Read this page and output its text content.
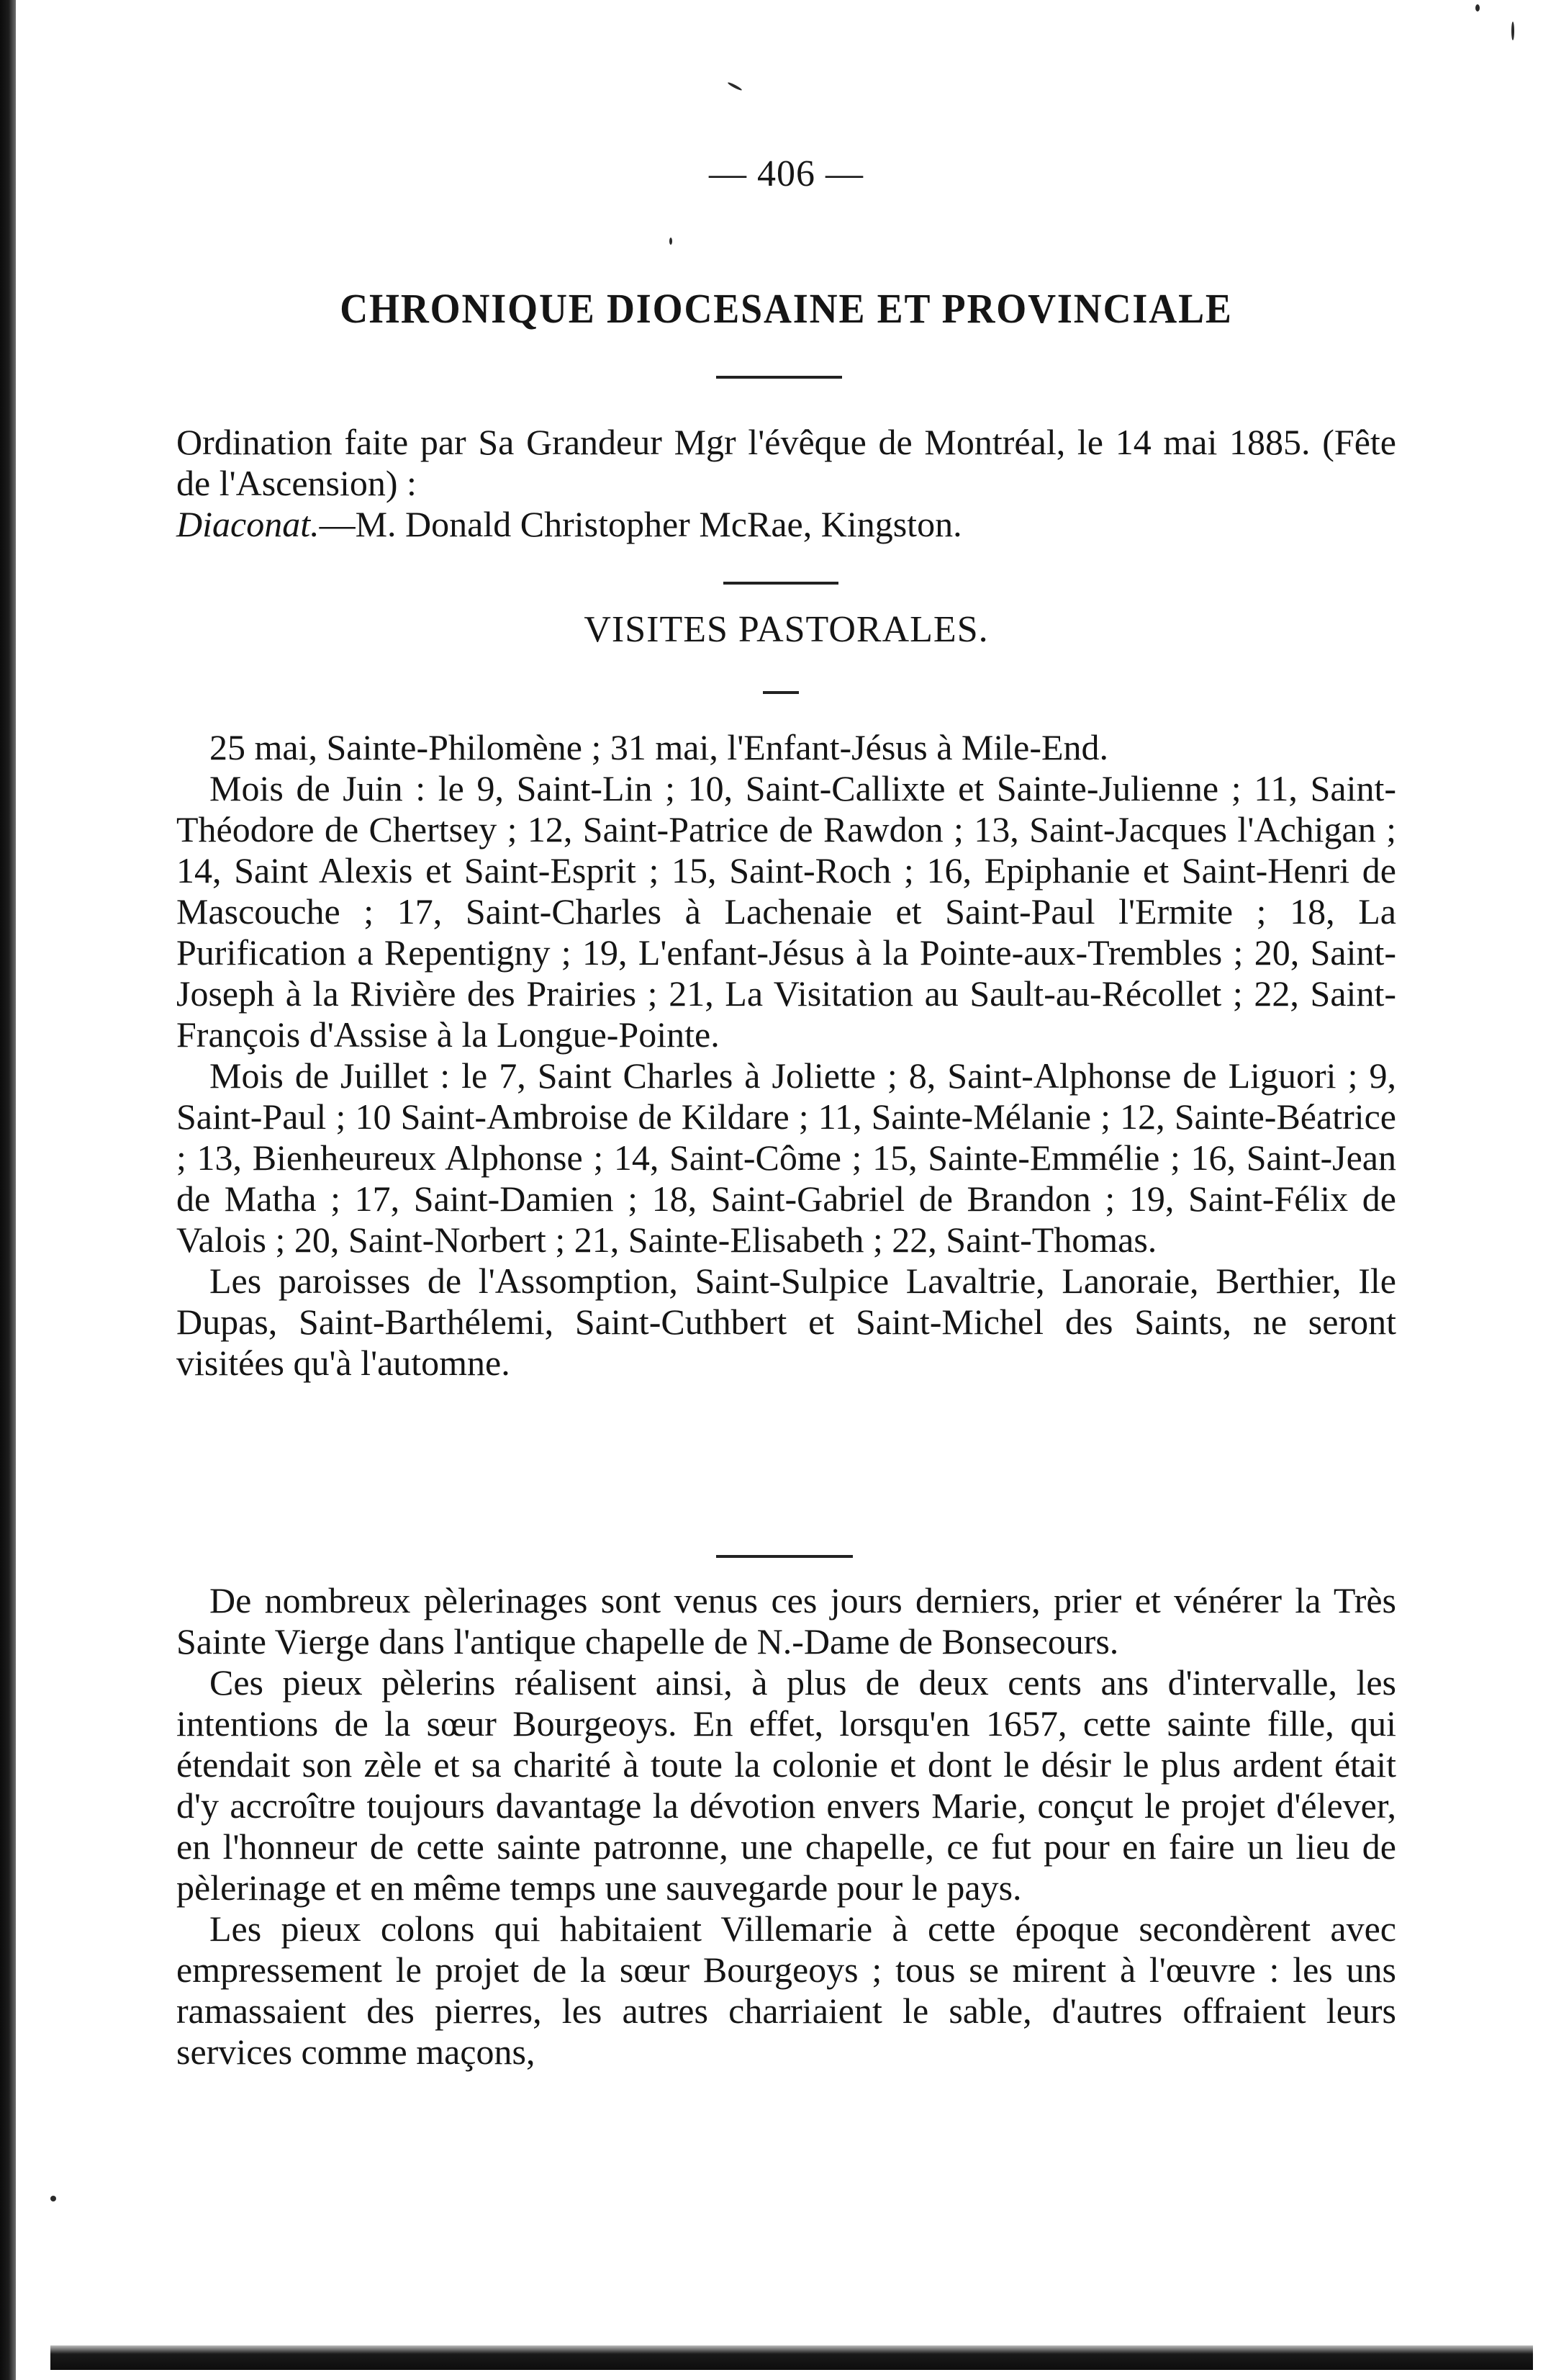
— 406 —
CHRONIQUE DIOCESAINE ET PROVINCIALE

Ordination faite par Sa Grandeur Mgr l'évêque de Montréal, le 14 mai 1885. (Fête de l'Ascension) :

Diaconat.—M. Donald Christopher McRae, Kingston.

VISITES PASTORALES.

25 mai, Sainte-Philomène ; 31 mai, l'Enfant-Jésus à Mile-End.

Mois de Juin : le 9, Saint-Lin ; 10, Saint-Callixte et Sainte-Julienne ; 11, Saint-Théodore de Chertsey ; 12, Saint-Patrice de Rawdon ; 13, Saint-Jacques l'Achigan ; 14, Saint Alexis et Saint-Esprit ; 15, Saint-Roch ; 16, Epiphanie et Saint-Henri de Mascouche ; 17, Saint-Charles à Lachenaie et Saint-Paul l'Ermite ; 18, La Purification a Repentigny ; 19, L'enfant-Jésus à la Pointe-aux-Trembles ; 20, Saint-Joseph à la Rivière des Prairies ; 21, La Visitation au Sault-au-Récollet ; 22, Saint-François d'Assise à la Longue-Pointe.

Mois de Juillet : le 7, Saint Charles à Joliette ; 8, Saint-Alphonse de Liguori ; 9, Saint-Paul ; 10 Saint-Ambroise de Kildare ; 11, Sainte-Mélanie ; 12, Sainte-Béatrice ; 13, Bienheureux Alphonse ; 14, Saint-Côme ; 15, Sainte-Emmélie ; 16, Saint-Jean de Matha ; 17, Saint-Damien ; 18, Saint-Gabriel de Brandon ; 19, Saint-Félix de Valois ; 20, Saint-Norbert ; 21, Sainte-Elisabeth ; 22, Saint-Thomas.

Les paroisses de l'Assomption, Saint-Sulpice Lavaltrie, Lanoraie, Berthier, Ile Dupas, Saint-Barthélemi, Saint-Cuthbert et Saint-Michel des Saints, ne seront visitées qu'à l'automne.

De nombreux pèlerinages sont venus ces jours derniers, prier et vénérer la Très Sainte Vierge dans l'antique chapelle de N.-Dame de Bonsecours.

Ces pieux pèlerins réalisent ainsi, à plus de deux cents ans d'intervalle, les intentions de la sœur Bourgeoys. En effet, lorsqu'en 1657, cette sainte fille, qui étendait son zèle et sa charité à toute la colonie et dont le désir le plus ardent était d'y accroître toujours davantage la dévotion envers Marie, conçut le projet d'élever, en l'honneur de cette sainte patronne, une chapelle, ce fut pour en faire un lieu de pèlerinage et en même temps une sauvegarde pour le pays.

Les pieux colons qui habitaient Villemarie à cette époque secondèrent avec empressement le projet de la sœur Bourgeoys ; tous se mirent à l'œuvre : les uns ramassaient des pierres, les autres charriaient le sable, d'autres offraient leurs services comme maçons,
